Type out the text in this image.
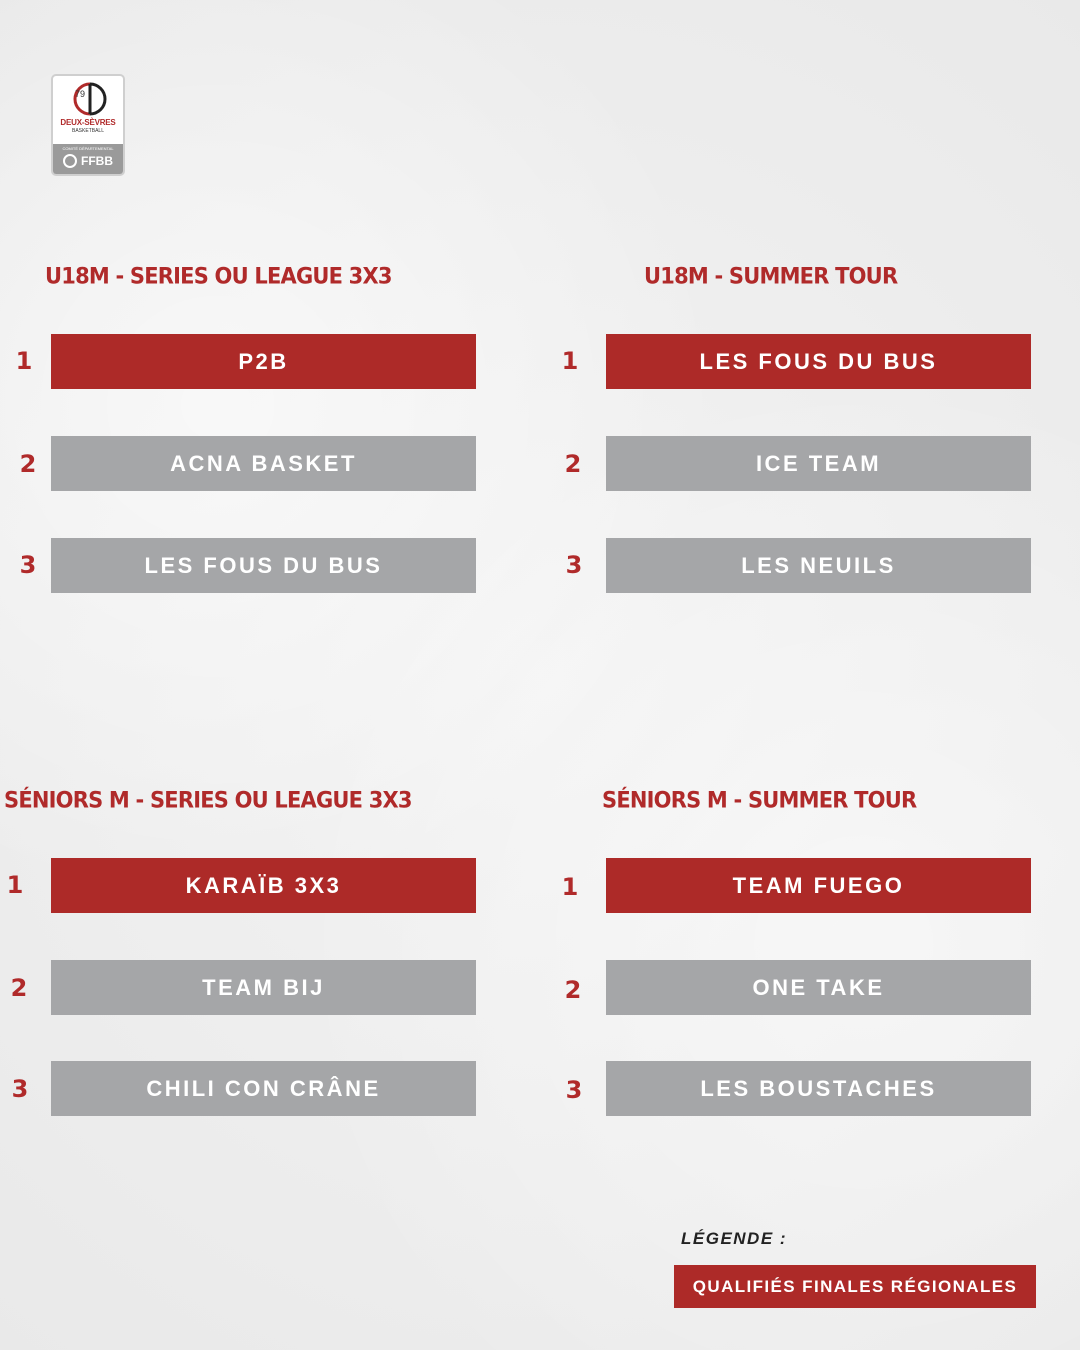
79
DEUX-SÈVRES
BASKETBALL
COMITÉ DÉPARTEMENTAL
FFBB
U18M - SERIES OU LEAGUE 3X3
1	P2B
2	ACNA BASKET
3	LES FOUS DU BUS
U18M - SUMMER TOUR
1	LES FOUS DU BUS
2	ICE TEAM
3	LES NEUILS
SÉNIORS M - SERIES OU LEAGUE 3X3
1	KARAÏB 3X3
2	TEAM BIJ
3	CHILI CON CRÂNE
SÉNIORS M - SUMMER TOUR
1	TEAM FUEGO
2	ONE TAKE
3	LES BOUSTACHES
LÉGENDE :
QUALIFIÉS FINALES RÉGIONALES
